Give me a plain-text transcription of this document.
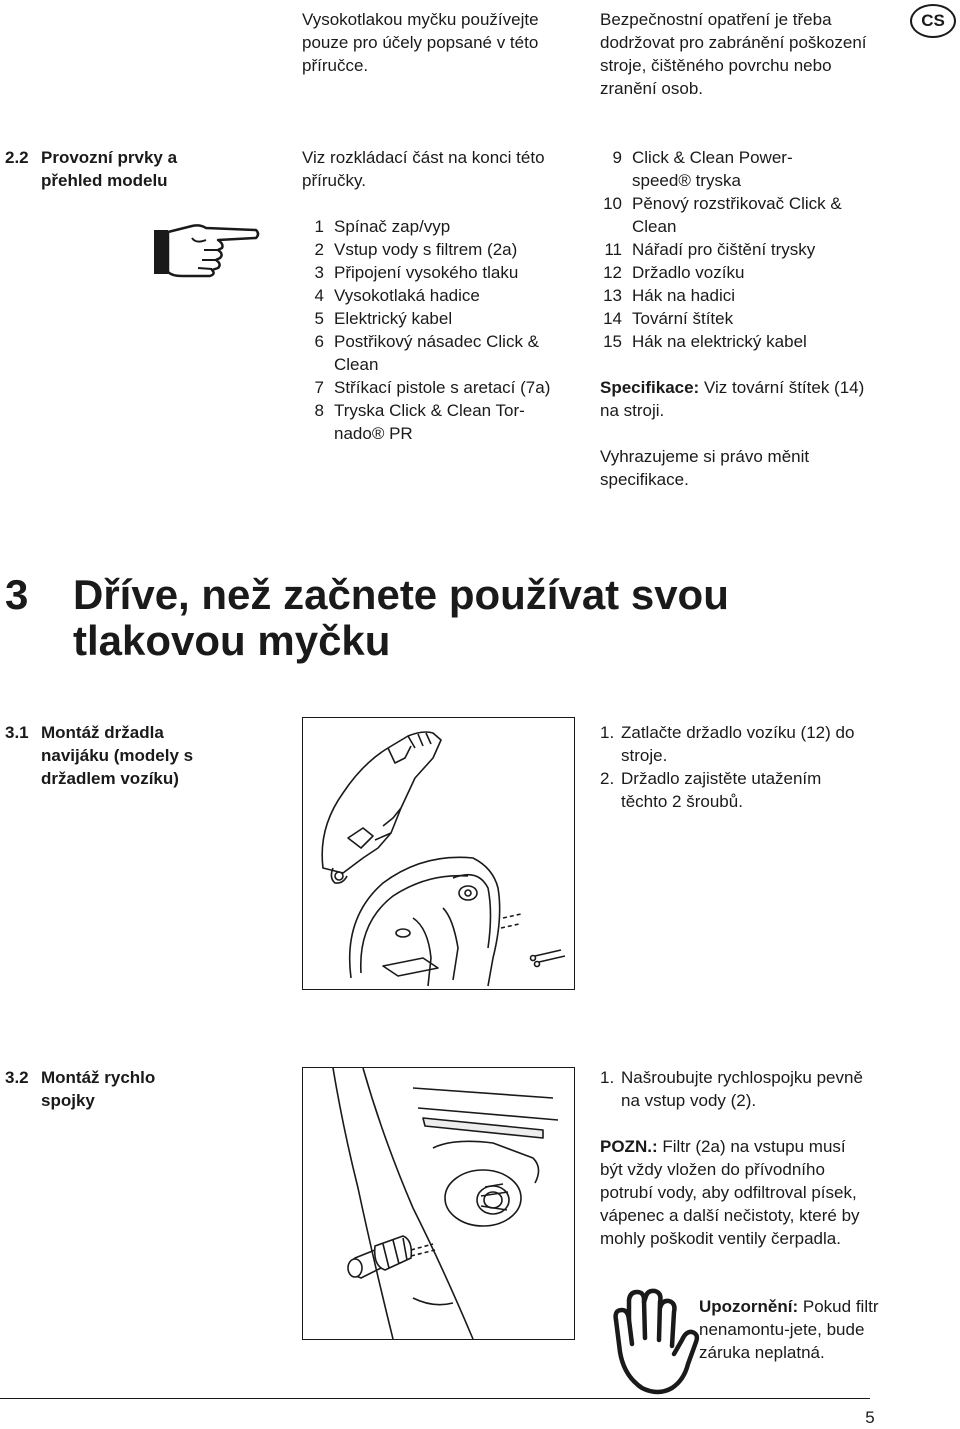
CS
Vysokotlakou myčku používejte pouze pro účely popsané v této příručce.
Bezpečnostní opatření je třeba dodržovat pro zabránění poškození stroje, čištěného povrchu nebo zranění osob.
2.2 Provozní prvky a přehled modelu
Viz rozkládací část na konci této příručky.
1 Spínač zap/vyp
2 Vstup vody s filtrem (2a)
3 Připojení vysokého tlaku
4 Vysokotlaká hadice
5 Elektrický kabel
6 Postřikový násadec Click & Clean
7 Stříkací pistole s aretací (7a)
8 Tryska Click & Clean Tor-nado® PR
9 Click & Clean Power-speed® tryska
10 Pěnový rozstřikovač Click & Clean
11 Nářadí pro čištění trysky
12 Držadlo vozíku
13 Hák na hadici
14 Tovární štítek
15 Hák na elektrický kabel
Specifikace: Viz tovární štítek (14) na stroji.
Vyhrazujeme si právo měnit specifikace.
3	Dříve, než začnete používat svou tlakovou myčku
3.1 Montáž držadla navijáku (modely s držadlem vozíku)
1. Zatlačte držadlo vozíku (12) do stroje.
2. Držadlo zajistěte utažením těchto 2 šroubů.
3.2 Montáž rychlo spojky
1. Našroubujte rychlospojku pevně na vstup vody (2).
POZN.: Filtr (2a) na vstupu musí být vždy vložen do přívodního potrubí vody, aby odfiltroval písek, vápenec a další nečistoty, které by mohly poškodit ventily čerpadla.
Upozornění: Pokud filtr nenamontu-jete, bude záruka neplatná.
5
